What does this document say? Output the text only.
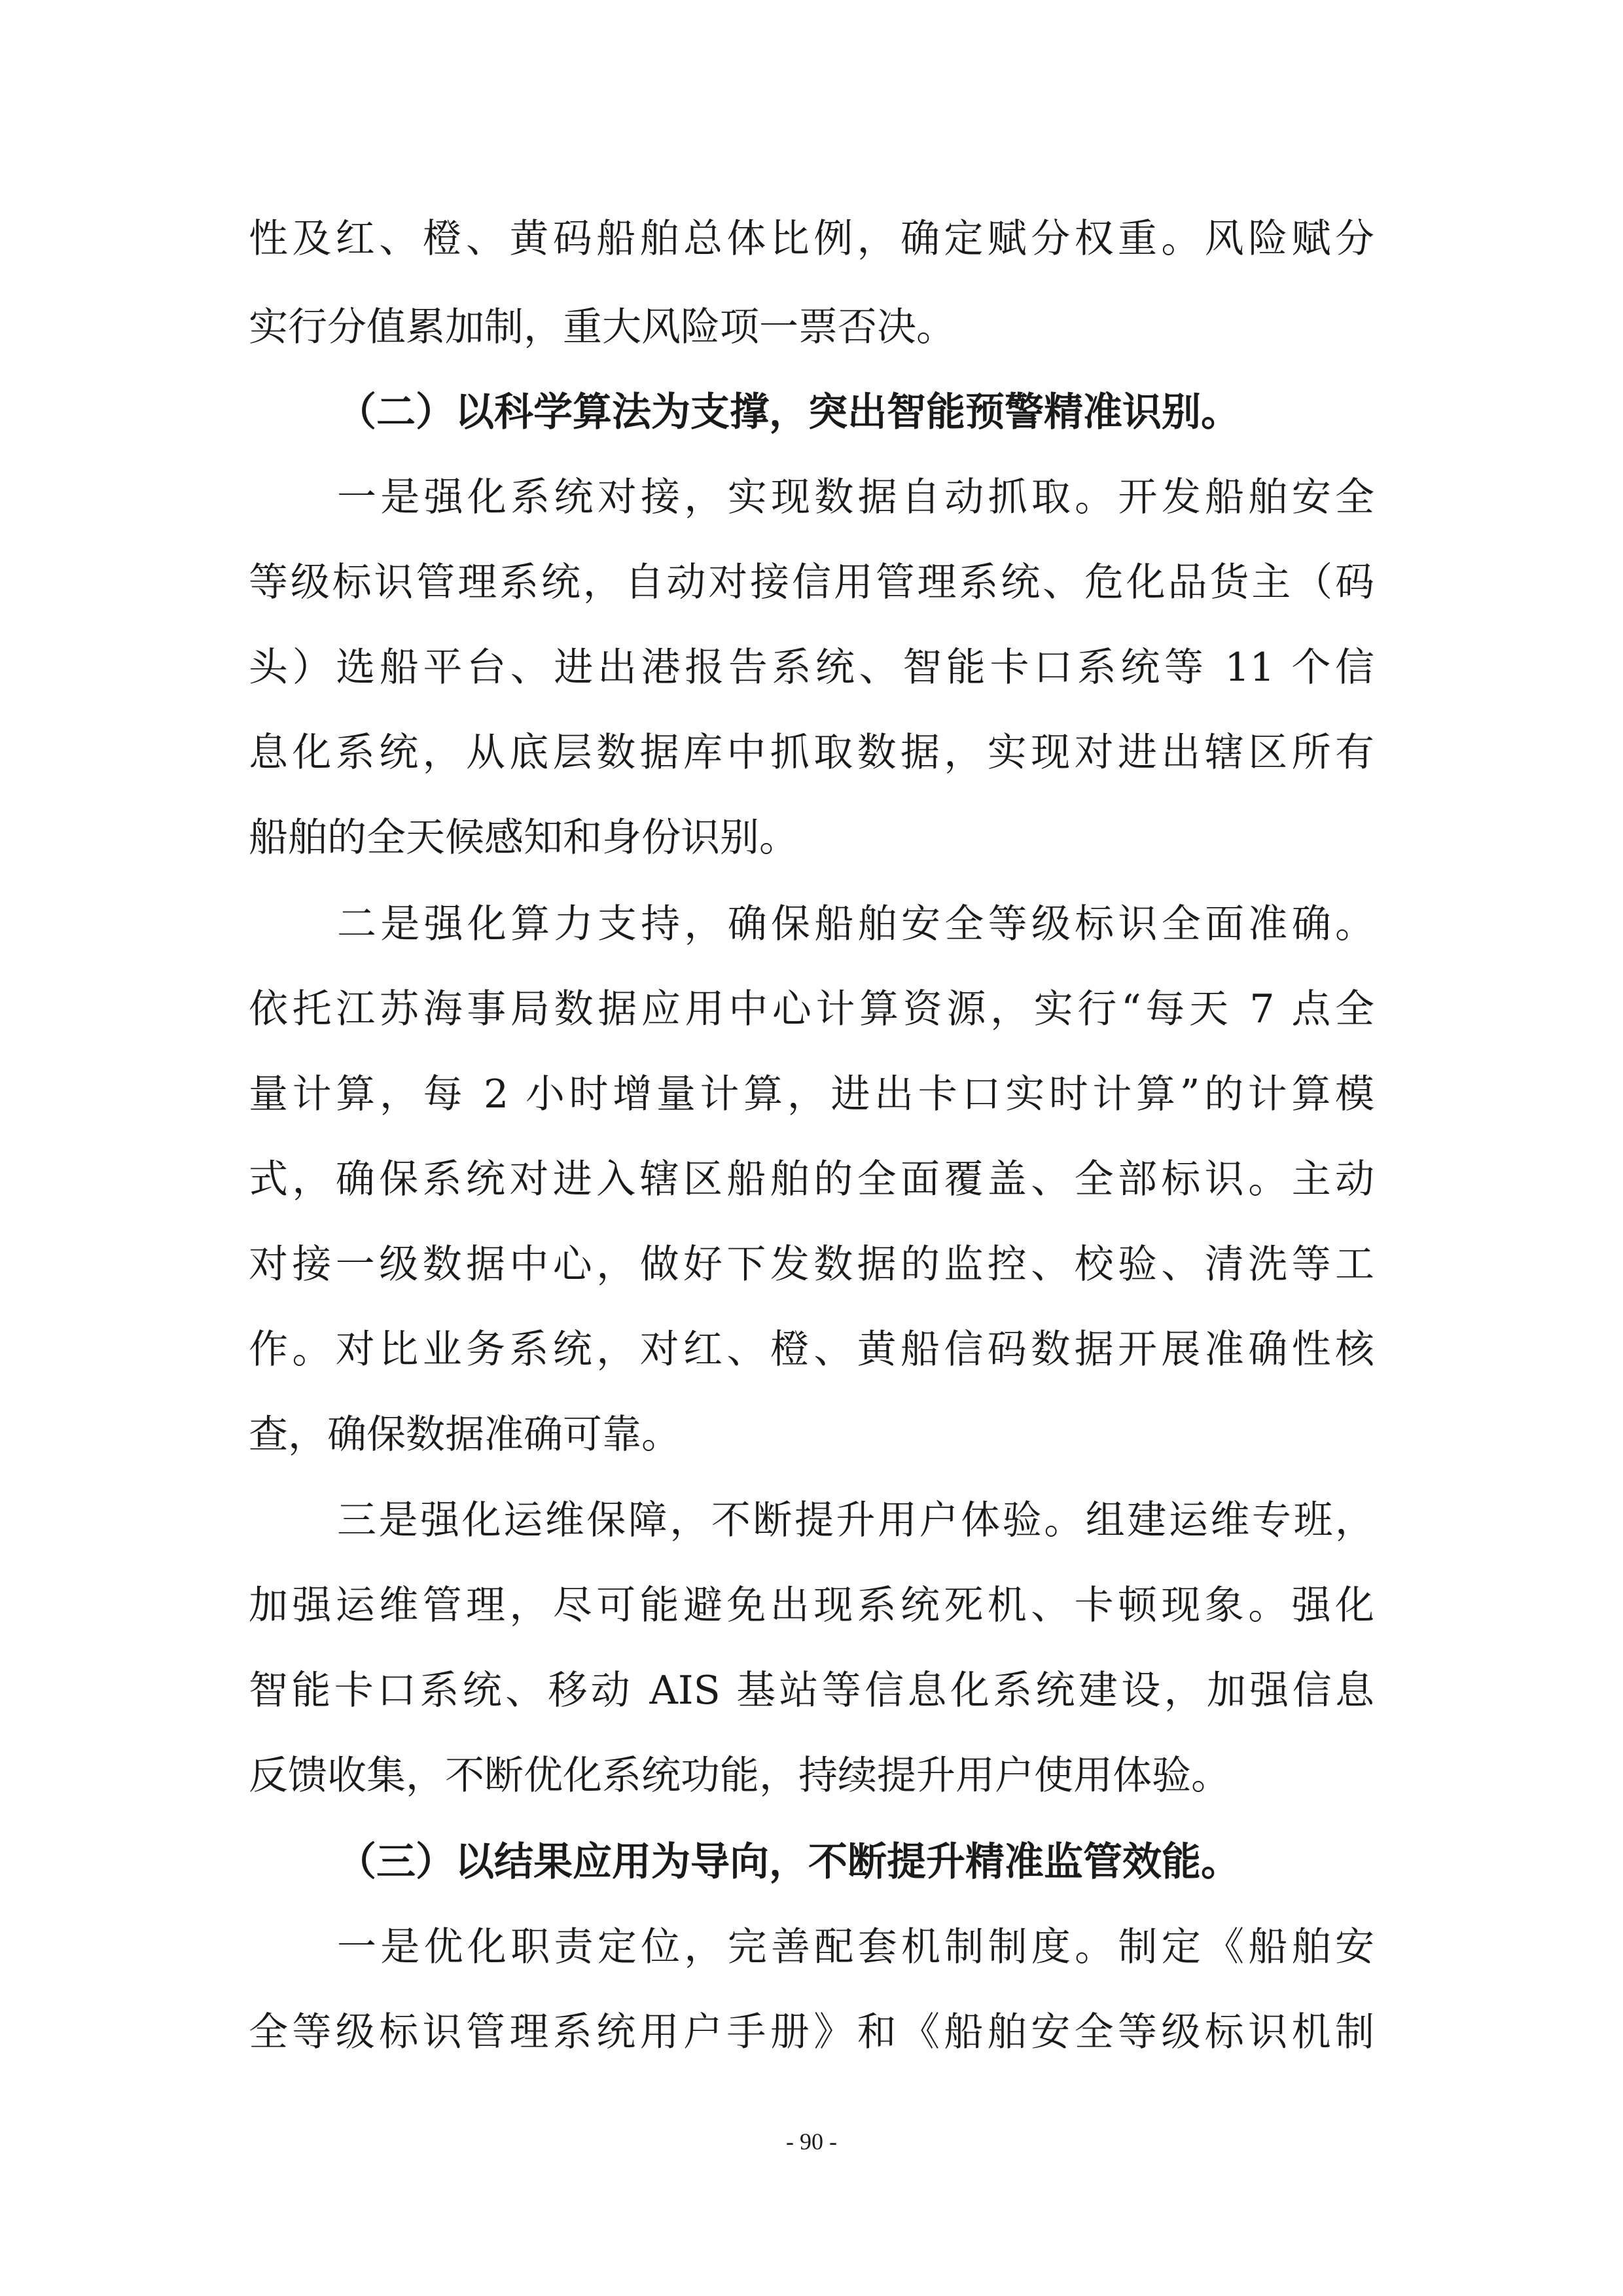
性及红、橙、黄码船舶总体比例，确定赋分权重。风险赋分
实行分值累加制，重大风险项一票否决。
（二）以科学算法为支撑，突出智能预警精准识别。
一是强化系统对接，实现数据自动抓取。开发船舶安全
等级标识管理系统，自动对接信用管理系统、危化品货主（码
头）选船平台、进出港报告系统、智能卡口系统等 11 个信
息化系统，从底层数据库中抓取数据，实现对进出辖区所有
船舶的全天候感知和身份识别。
二是强化算力支持，确保船舶安全等级标识全面准确。
依托江苏海事局数据应用中心计算资源，实行“每天 7 点全
量计算，每 2 小时增量计算，进出卡口实时计算”的计算模
式，确保系统对进入辖区船舶的全面覆盖、全部标识。主动
对接一级数据中心，做好下发数据的监控、校验、清洗等工
作。对比业务系统，对红、橙、黄船信码数据开展准确性核
查，确保数据准确可靠。
三是强化运维保障，不断提升用户体验。组建运维专班，
加强运维管理，尽可能避免出现系统死机、卡顿现象。强化
智能卡口系统、移动 AIS 基站等信息化系统建设，加强信息
反馈收集，不断优化系统功能，持续提升用户使用体验。
（三）以结果应用为导向，不断提升精准监管效能。
一是优化职责定位，完善配套机制制度。制定《船舶安
全等级标识管理系统用户手册》和《船舶安全等级标识机制
- 90 -
